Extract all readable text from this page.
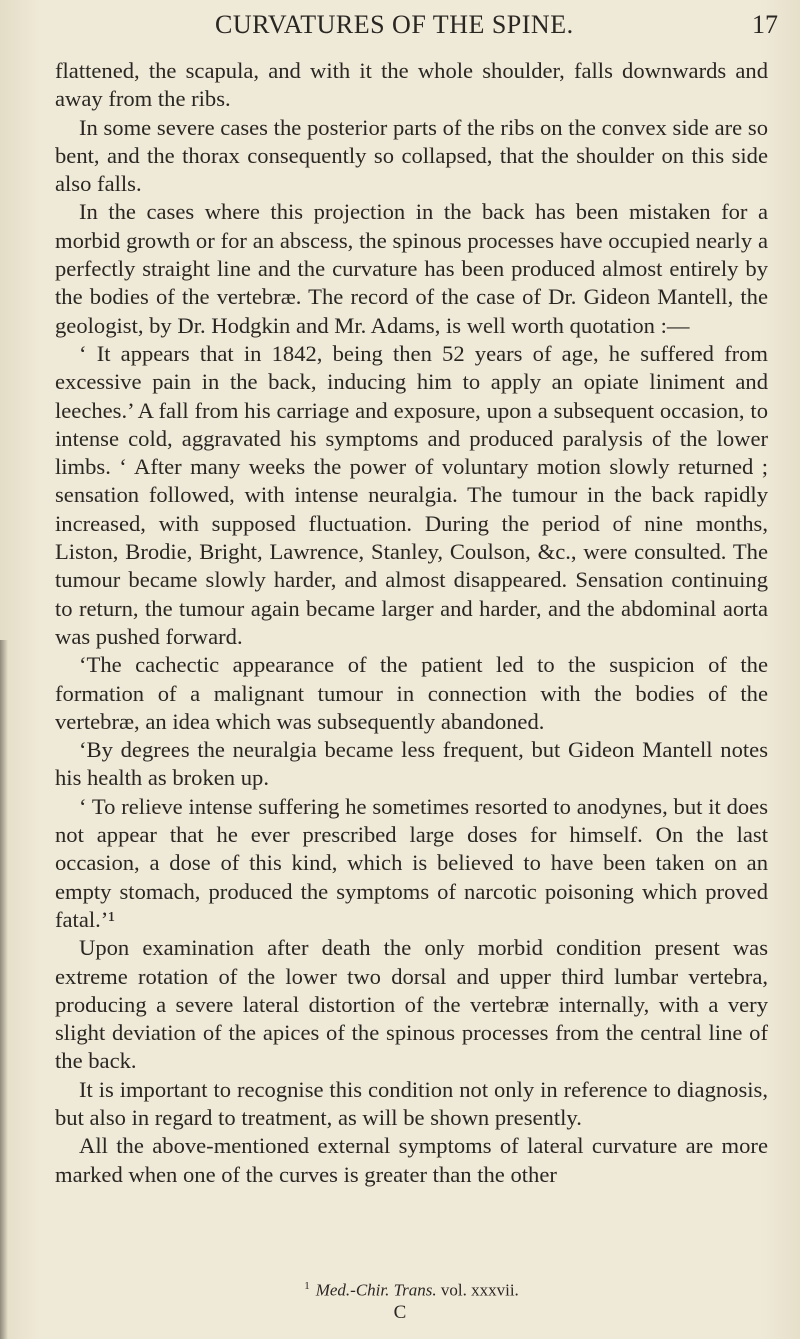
CURVATURES OF THE SPINE.	17

flattened, the scapula, and with it the whole shoulder, falls downwards and away from the ribs.

In some severe cases the posterior parts of the ribs on the convex side are so bent, and the thorax consequently so collapsed, that the shoulder on this side also falls.

In the cases where this projection in the back has been mistaken for a morbid growth or for an abscess, the spinous processes have occupied nearly a perfectly straight line and the curvature has been produced almost entirely by the bodies of the vertebræ. The record of the case of Dr. Gideon Mantell, the geologist, by Dr. Hodgkin and Mr. Adams, is well worth quotation :—

‘ It appears that in 1842, being then 52 years of age, he suffered from excessive pain in the back, inducing him to apply an opiate liniment and leeches.’ A fall from his carriage and exposure, upon a subsequent occasion, to intense cold, aggravated his symptoms and produced paralysis of the lower limbs. ‘ After many weeks the power of voluntary motion slowly returned ; sensation followed, with intense neuralgia. The tumour in the back rapidly increased, with supposed fluctuation. During the period of nine months, Liston, Brodie, Bright, Lawrence, Stanley, Coulson, &c., were consulted. The tumour became slowly harder, and almost disappeared. Sensation continuing to return, the tumour again became larger and harder, and the abdominal aorta was pushed forward.

‘The cachectic appearance of the patient led to the suspicion of the formation of a malignant tumour in connection with the bodies of the vertebræ, an idea which was subsequently abandoned.

‘By degrees the neuralgia became less frequent, but Gideon Mantell notes his health as broken up.

‘ To relieve intense suffering he sometimes resorted to anodynes, but it does not appear that he ever prescribed large doses for himself. On the last occasion, a dose of this kind, which is believed to have been taken on an empty stomach, produced the symptoms of narcotic poisoning which proved fatal.’¹

Upon examination after death the only morbid condition present was extreme rotation of the lower two dorsal and upper third lumbar vertebra, producing a severe lateral distortion of the vertebræ internally, with a very slight deviation of the apices of the spinous processes from the central line of the back.

It is important to recognise this condition not only in reference to diagnosis, but also in regard to treatment, as will be shown presently.

All the above-mentioned external symptoms of lateral curvature are more marked when one of the curves is greater than the other

$^1$ Med.-Chir. Trans. vol. xxxvii.
C
